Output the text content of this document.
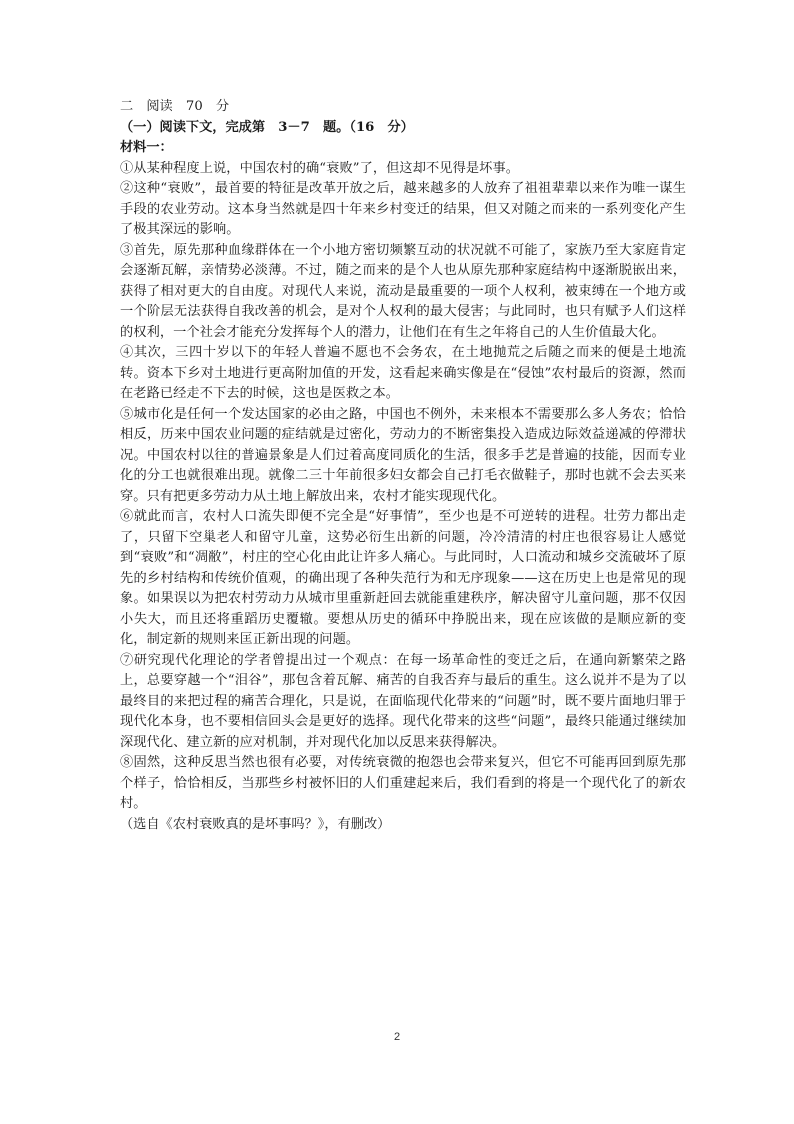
二　阅读　70　分
（一）阅读下文，完成第　3－7　题。（16　分）
材料一：
①从某种程度上说，中国农村的确“衰败”了，但这却不见得是坏事。
②这种“衰败”，最首要的特征是改革开放之后，越来越多的人放弃了祖祖辈辈以来作为唯一谋生手段的农业劳动。这本身当然就是四十年来乡村变迁的结果，但又对随之而来的一系列变化产生了极其深远的影响。
③首先，原先那种血缘群体在一个小地方密切频繁互动的状况就不可能了，家族乃至大家庭肯定会逐渐瓦解，亲情势必淡薄。不过，随之而来的是个人也从原先那种家庭结构中逐渐脱嵌出来，获得了相对更大的自由度。对现代人来说，流动是最重要的一项个人权利，被束缚在一个地方或一个阶层无法获得自我改善的机会，是对个人权利的最大侵害；与此同时，也只有赋予人们这样的权利，一个社会才能充分发挥每个人的潜力，让他们在有生之年将自己的人生价值最大化。
④其次，三四十岁以下的年轻人普遍不愿也不会务农，在土地抛荒之后随之而来的便是土地流转。资本下乡对土地进行更高附加值的开发，这看起来确实像是在“侵蚀”农村最后的资源，然而在老路已经走不下去的时候，这也是医救之本。
⑤城市化是任何一个发达国家的必由之路，中国也不例外，未来根本不需要那么多人务农；恰恰相反，历来中国农业问题的症结就是过密化，劳动力的不断密集投入造成边际效益递减的停滞状况。中国农村以往的普遍景象是人们过着高度同质化的生活，很多手艺是普遍的技能，因而专业化的分工也就很难出现。就像二三十年前很多妇女都会自己打毛衣做鞋子，那时也就不会去买来穿。只有把更多劳动力从土地上解放出来，农村才能实现现代化。
⑥就此而言，农村人口流失即便不完全是“好事情”，至少也是不可逆转的进程。壮劳力都出走了，只留下空巢老人和留守儿童，这势必衍生出新的问题，冷冷清清的村庄也很容易让人感觉到“衰败”和“凋敝”，村庄的空心化由此让许多人痛心。与此同时，人口流动和城乡交流破坏了原先的乡村结构和传统价值观，的确出现了各种失范行为和无序现象——这在历史上也是常见的现象。如果误以为把农村劳动力从城市里重新赶回去就能重建秩序，解决留守儿童问题，那不仅因小失大，而且还将重蹈历史覆辙。要想从历史的循环中挣脱出来，现在应该做的是顺应新的变化，制定新的规则来匡正新出现的问题。
⑦研究现代化理论的学者曾提出过一个观点：在每一场革命性的变迁之后，在通向新繁荣之路上，总要穿越一个“泪谷”，那包含着瓦解、痛苦的自我否弃与最后的重生。这么说并不是为了以最终目的来把过程的痛苦合理化，只是说，在面临现代化带来的“问题”时，既不要片面地归罪于现代化本身，也不要相信回头会是更好的选择。现代化带来的这些“问题”，最终只能通过继续加深现代化、建立新的应对机制，并对现代化加以反思来获得解决。
⑧固然，这种反思当然也很有必要，对传统衰微的抱怨也会带来复兴，但它不可能再回到原先那个样子，恰恰相反，当那些乡村被怀旧的人们重建起来后，我们看到的将是一个现代化了的新农村。
（选自《农村衰败真的是坏事吗？》，有删改）
2
